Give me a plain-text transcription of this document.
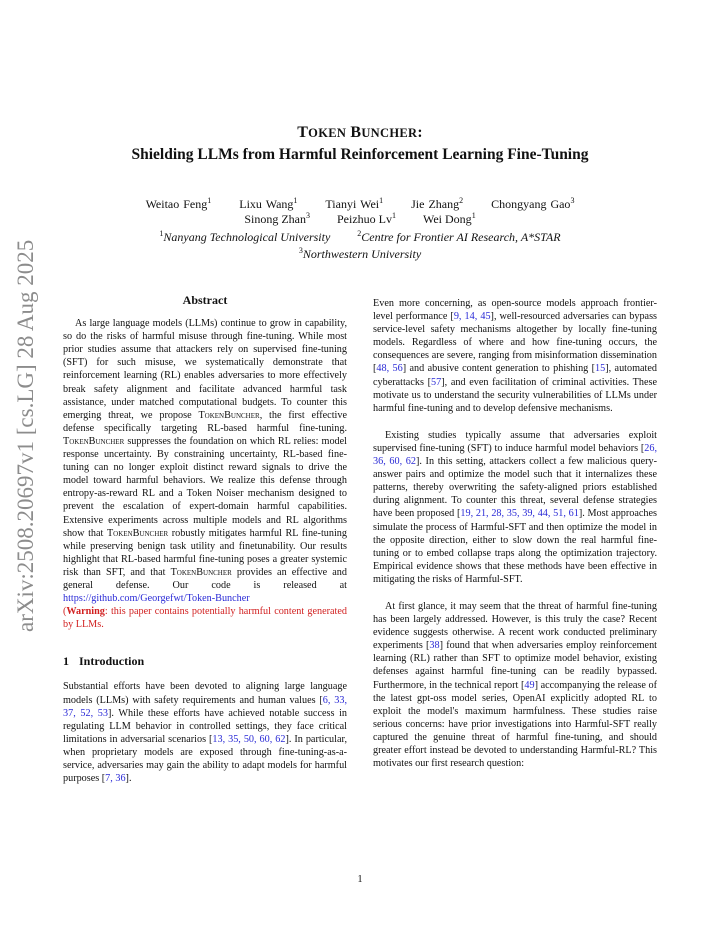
arXiv:2508.20697v1 [cs.LG] 28 Aug 2025
TOKEN BUNCHER:
Shielding LLMs from Harmful Reinforcement Learning Fine-Tuning
Weitao Feng$^1$ Lixu Wang$^1$ Tianyi Wei$^1$ Jie Zhang$^2$ Chongyang Gao$^3$
Sinong Zhan$^3$ Peizhuo Lv$^1$ Wei Dong$^1$
$^1$Nanyang Technological University	$^2$Centre for Frontier AI Research, A*STAR
$^3$Northwestern University
Abstract

As large language models (LLMs) continue to grow in capability, so do the risks of harmful misuse through fine-tuning. While most prior studies assume that attackers rely on supervised fine-tuning (SFT) for such misuse, we systematically demonstrate that reinforcement learning (RL) enables adversaries to more effectively break safety alignment and facilitate advanced harmful task assistance, under matched computational budgets. To counter this emerging threat, we propose TokenBuncher, the first effective defense specifically targeting RL-based harmful fine-tuning. TokenBuncher suppresses the foundation on which RL relies: model response uncertainty. By constraining uncertainty, RL-based fine-tuning can no longer exploit distinct reward signals to drive the model toward harmful behaviors. We realize this defense through entropy-as-reward RL and a Token Noiser mechanism designed to prevent the escalation of expert-domain harmful capabilities. Extensive experiments across multiple models and RL algorithms show that TokenBuncher robustly mitigates harmful RL fine-tuning while preserving benign task utility and finetunability. Our results highlight that RL-based harmful fine-tuning poses a greater systemic risk than SFT, and that TokenBuncher provides an effective and general defense. Our code is released at https://github.com/Georgefwt/Token-Buncher

(Warning: this paper contains potentially harmful content generated by LLMs.
1 Introduction

Substantial efforts have been devoted to aligning large language models (LLMs) with safety requirements and human values [6, 33, 37, 52, 53]. While these efforts have achieved notable success in regulating LLM behavior in controlled settings, they face critical limitations in adversarial scenarios [13, 35, 50, 60, 62]. In particular, when proprietary models are exposed through fine-tuning-as-a-service, adversaries may gain the ability to adapt models for harmful purposes [7, 36].

Even more concerning, as open-source models approach frontier-level performance [9, 14, 45], well-resourced adversaries can bypass service-level safety mechanisms altogether by locally fine-tuning models. Regardless of where and how fine-tuning occurs, the consequences are severe, ranging from misinformation dissemination [48, 56] and abusive content generation to phishing [15], automated cyberattacks [57], and even facilitation of criminal activities. These motivate us to understand the security vulnerabilities of LLMs under harmful fine-tuning and to develop defensive mechanisms.

Existing studies typically assume that adversaries exploit supervised fine-tuning (SFT) to induce harmful model behaviors [26, 36, 60, 62]. In this setting, attackers collect a few malicious query-answer pairs and optimize the model such that it internalizes these patterns, thereby overwriting the safety-aligned priors established during alignment. To counter this threat, several defense strategies have been proposed [19, 21, 28, 35, 39, 44, 51, 61]. Most approaches simulate the process of Harmful-SFT and then optimize the model in the opposite direction, either to slow down the real harmful fine-tuning or to embed collapse traps along the optimization trajectory. Empirical evidence shows that these methods have been effective in mitigating the risks of Harmful-SFT.

At first glance, it may seem that the threat of harmful fine-tuning has been largely addressed. However, is this truly the case? Recent evidence suggests otherwise. A recent work conducted preliminary experiments [38] found that when adversaries employ reinforcement learning (RL) rather than SFT to optimize model behavior, existing defenses against harmful fine-tuning can be readily bypassed. Furthermore, in the technical report [49] accompanying the release of the latest gpt-oss model series, OpenAI explicitly adopted RL to exploit the model's maximum harmfulness. These studies raise serious concerns: have prior investigations into Harmful-SFT really captured the genuine threat of harmful fine-tuning, and should greater effort instead be devoted to understanding Harmful-RL? This motivates our first research question:

1
